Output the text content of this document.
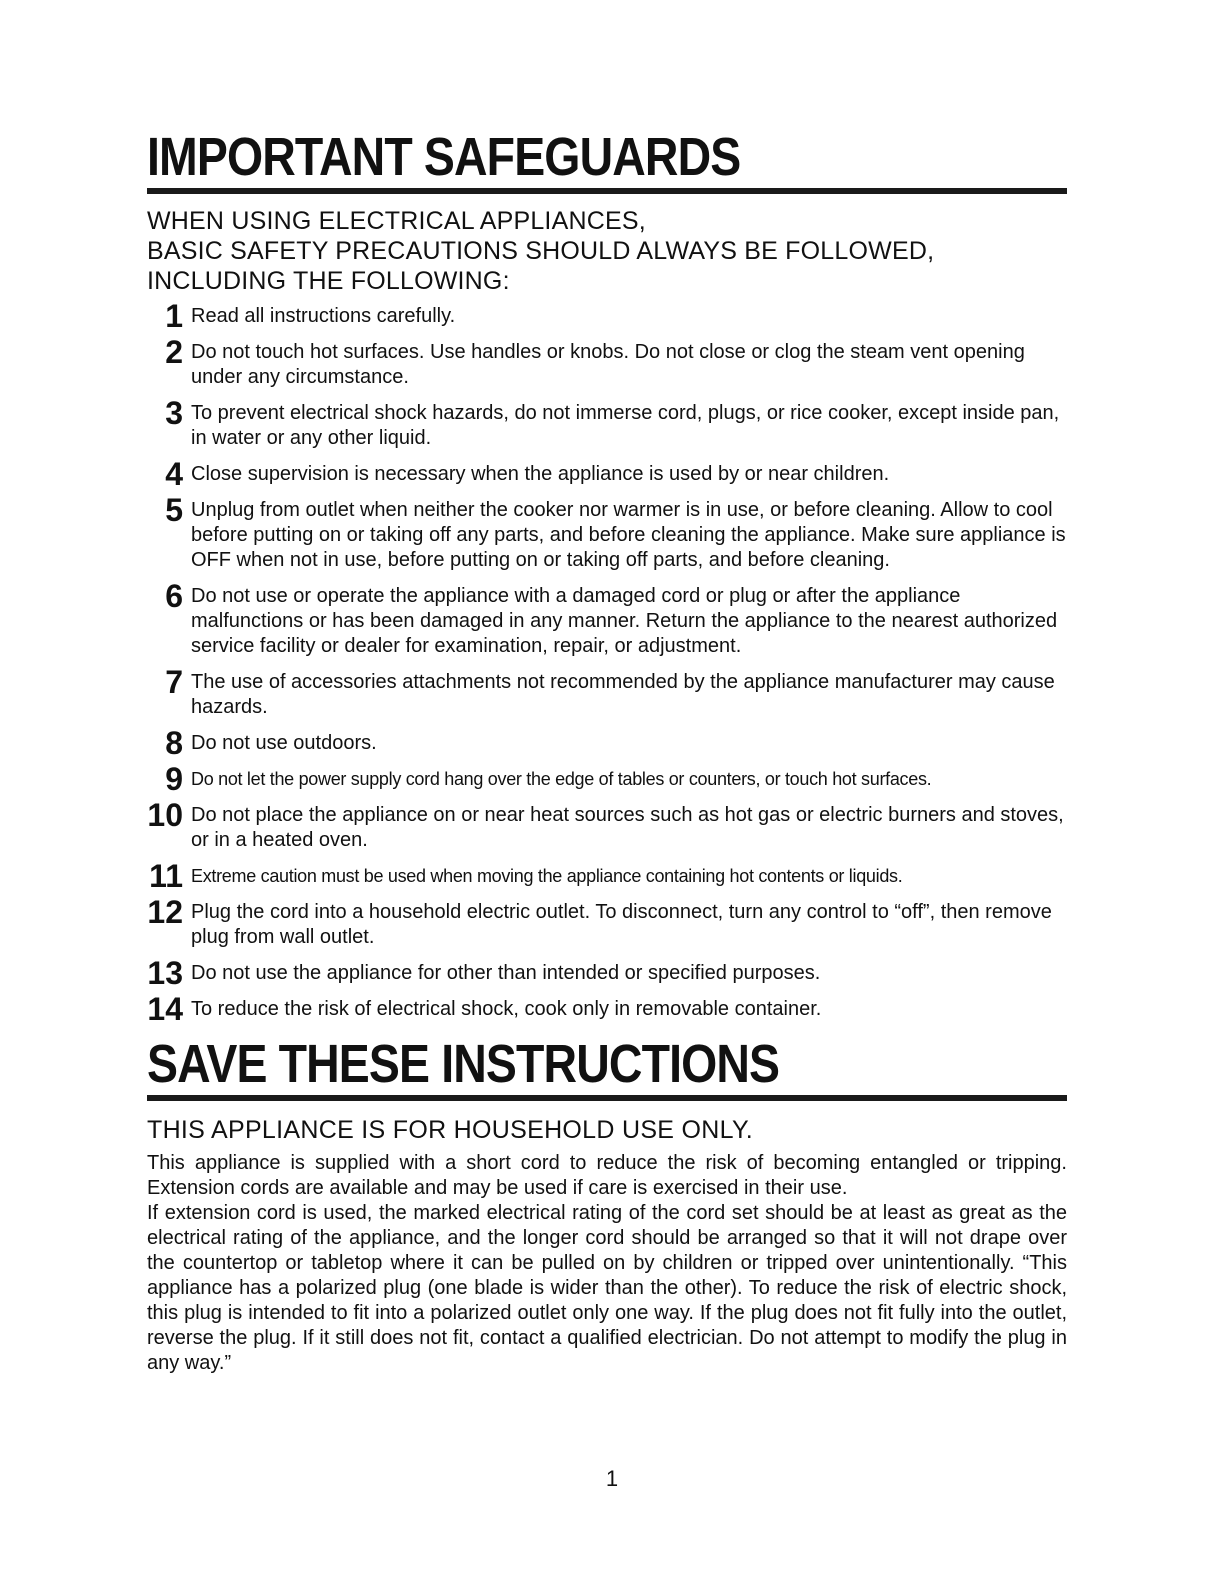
IMPORTANT SAFEGUARDS
WHEN USING ELECTRICAL APPLIANCES,
BASIC SAFETY PRECAUTIONS SHOULD ALWAYS BE FOLLOWED,
INCLUDING THE FOLLOWING:
1 Read all instructions carefully.
2 Do not touch hot surfaces. Use handles or knobs. Do not close or clog the steam vent opening under any circumstance.
3 To prevent electrical shock hazards, do not immerse cord, plugs, or rice cooker, except inside pan, in water or any other liquid.
4 Close supervision is necessary when the appliance is used by or near children.
5 Unplug from outlet when neither the cooker nor warmer is in use, or before cleaning. Allow to cool before putting on or taking off any parts, and before cleaning the appliance. Make sure appliance is OFF when not in use, before putting on or taking off parts, and before cleaning.
6 Do not use or operate the appliance with a damaged cord or plug or after the appliance malfunctions or has been damaged in any manner. Return the appliance to the nearest authorized service facility or dealer for examination, repair, or adjustment.
7 The use of accessories attachments not recommended by the appliance manufacturer may cause hazards.
8 Do not use outdoors.
9 Do not let the power supply cord hang over the edge of tables or counters, or touch hot surfaces.
10 Do not place the appliance on or near heat sources such as hot gas or electric burners and stoves, or in a heated oven.
11 Extreme caution must be used when moving the appliance containing hot contents or liquids.
12 Plug the cord into a household electric outlet. To disconnect, turn any control to “off”, then remove plug from wall outlet.
13 Do not use the appliance for other than intended or specified purposes.
14 To reduce the risk of electrical shock, cook only in removable container.
SAVE THESE INSTRUCTIONS
THIS APPLIANCE IS FOR HOUSEHOLD USE ONLY.

This appliance is supplied with a short cord to reduce the risk of becoming entangled or tripping. Extension cords are available and may be used if care is exercised in their use.

If extension cord is used, the marked electrical rating of the cord set should be at least as great as the electrical rating of the appliance, and the longer cord should be arranged so that it will not drape over the countertop or tabletop where it can be pulled on by children or tripped over unintentionally. “This appliance has a polarized plug (one blade is wider than the other). To reduce the risk of electric shock, this plug is intended to fit into a polarized outlet only one way. If the plug does not fit fully into the outlet, reverse the plug. If it still does not fit, contact a qualified electrician. Do not attempt to modify the plug in any way.”

1
